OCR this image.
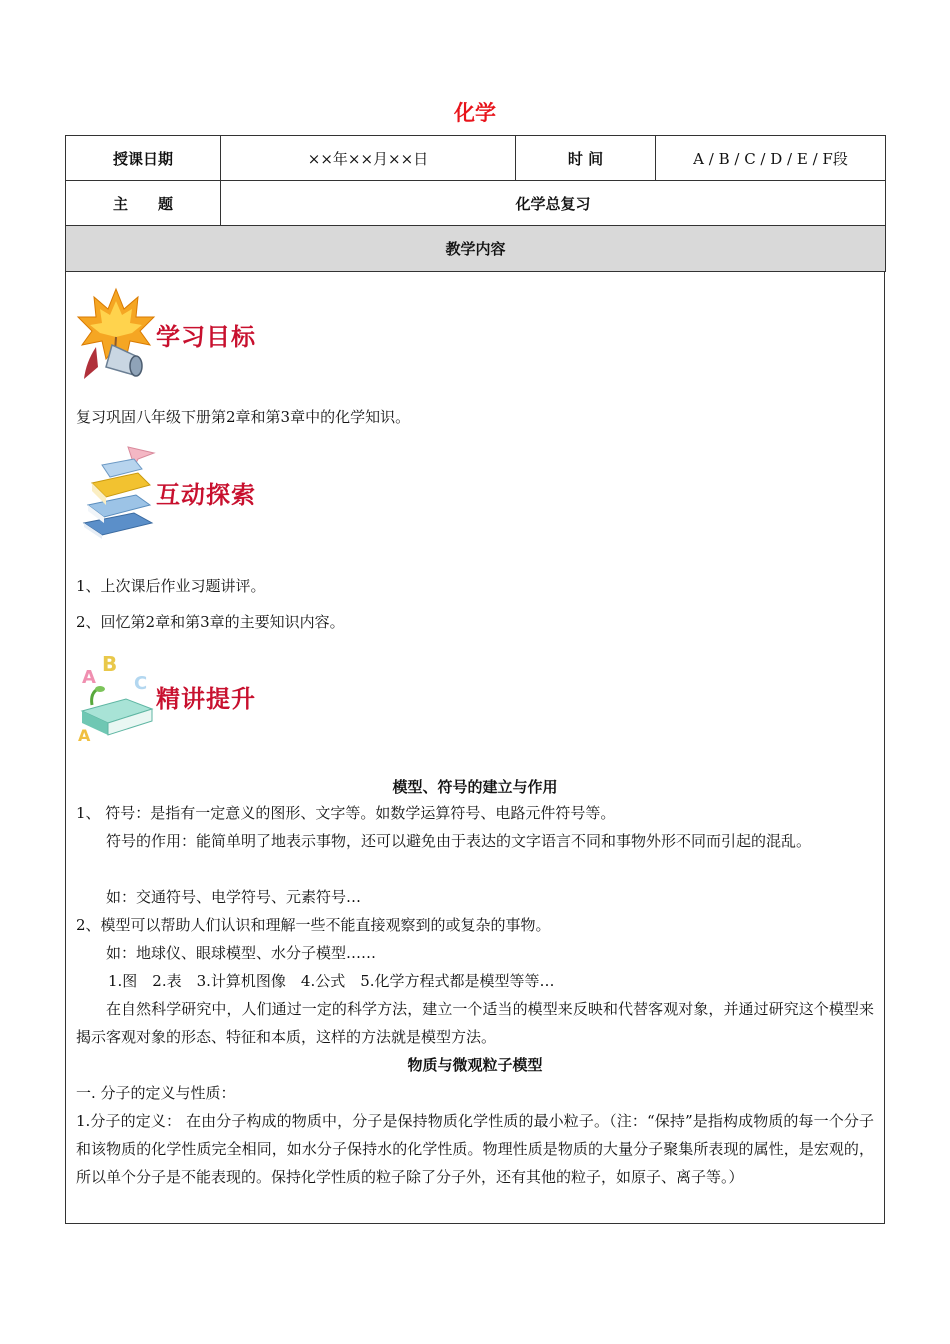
化学
授课日期	××年××月××日	时 间	A / B / C / D / E / F段
主　　题	化学总复习		
教学内容			
学习目标
复习巩固八年级下册第2章和第3章中的化学知识。
互动探索
1、上次课后作业习题讲评。
2、回忆第2章和第3章的主要知识内容。
B
A C
A
精讲提升
模型、符号的建立与作用
1、 符号：是指有一定意义的图形、文字等。如数学运算符号、电路元件符号等。
符号的作用：能简单明了地表示事物，还可以避免由于表达的文字语言不同和事物外形不同而引起的混乱。
如：交通符号、电学符号、元素符号…
2、模型可以帮助人们认识和理解一些不能直接观察到的或复杂的事物。
如：地球仪、眼球模型、水分子模型……
1.图　2.表　3.计算机图像　4.公式　5.化学方程式都是模型等等…
在自然科学研究中，人们通过一定的科学方法，建立一个适当的模型来反映和代替客观对象，并通过研究这个模型来揭示客观对象的形态、特征和本质，这样的方法就是模型方法。
物质与微观粒子模型
一. 分子的定义与性质：
1.分子的定义： 在由分子构成的物质中，分子是保持物质化学性质的最小粒子。（注：“保持”是指构成物质的每一个分子和该物质的化学性质完全相同，如水分子保持水的化学性质。物理性质是物质的大量分子聚集所表现的属性，是宏观的，所以单个分子是不能表现的。保持化学性质的粒子除了分子外，还有其他的粒子，如原子、离子等。）
